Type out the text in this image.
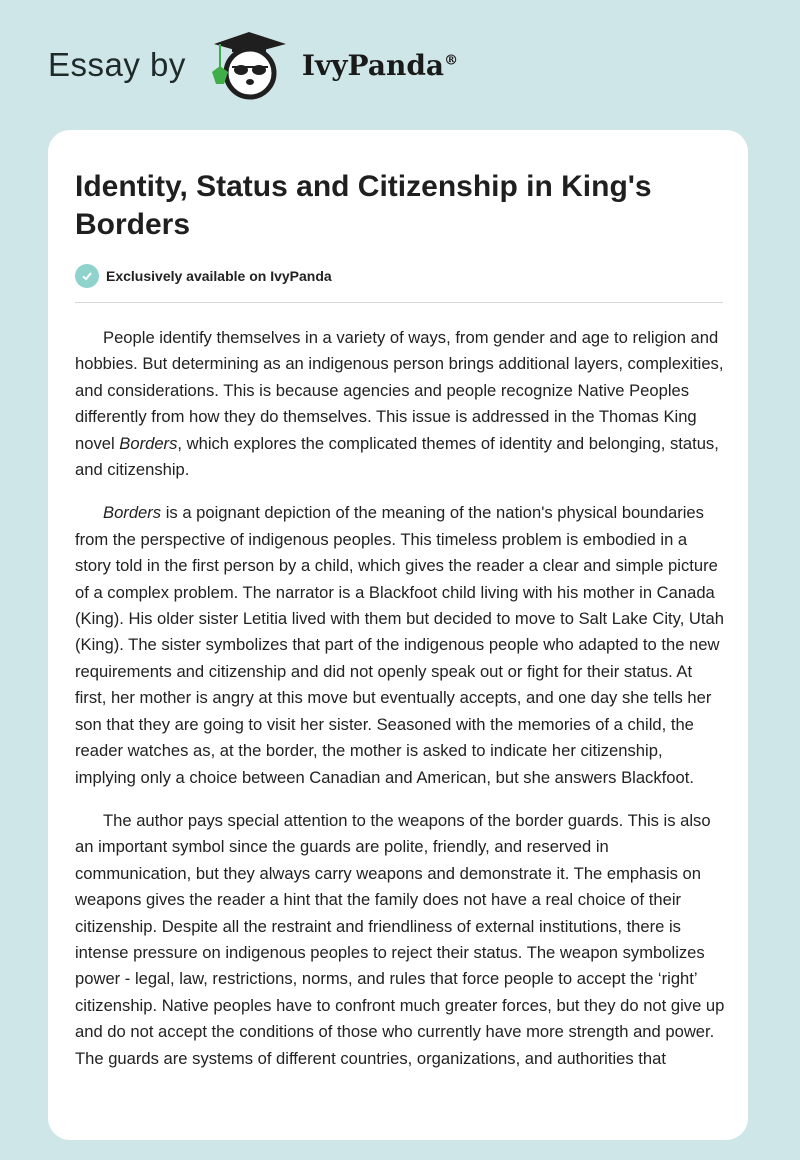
Essay by	IvyPanda®
Identity, Status and Citizenship in King's Borders
Exclusively available on IvyPanda

People identify themselves in a variety of ways, from gender and age to religion and hobbies. But determining as an indigenous person brings additional layers, complexities, and considerations. This is because agencies and people recognize Native Peoples differently from how they do themselves. This issue is addressed in the Thomas King novel Borders, which explores the complicated themes of identity and belonging, status, and citizenship.

Borders is a poignant depiction of the meaning of the nation's physical boundaries from the perspective of indigenous peoples. This timeless problem is embodied in a story told in the first person by a child, which gives the reader a clear and simple picture of a complex problem. The narrator is a Blackfoot child living with his mother in Canada (King). His older sister Letitia lived with them but decided to move to Salt Lake City, Utah (King). The sister symbolizes that part of the indigenous people who adapted to the new requirements and citizenship and did not openly speak out or fight for their status. At first, her mother is angry at this move but eventually accepts, and one day she tells her son that they are going to visit her sister. Seasoned with the memories of a child, the reader watches as, at the border, the mother is asked to indicate her citizenship, implying only a choice between Canadian and American, but she answers Blackfoot.

The author pays special attention to the weapons of the border guards. This is also an important symbol since the guards are polite, friendly, and reserved in communication, but they always carry weapons and demonstrate it. The emphasis on weapons gives the reader a hint that the family does not have a real choice of their citizenship. Despite all the restraint and friendliness of external institutions, there is intense pressure on indigenous peoples to reject their status. The weapon symbolizes power - legal, law, restrictions, norms, and rules that force people to accept the ‘right’ citizenship. Native peoples have to confront much greater forces, but they do not give up and do not accept the conditions of those who currently have more strength and power. The guards are systems of different countries, organizations, and authorities that
